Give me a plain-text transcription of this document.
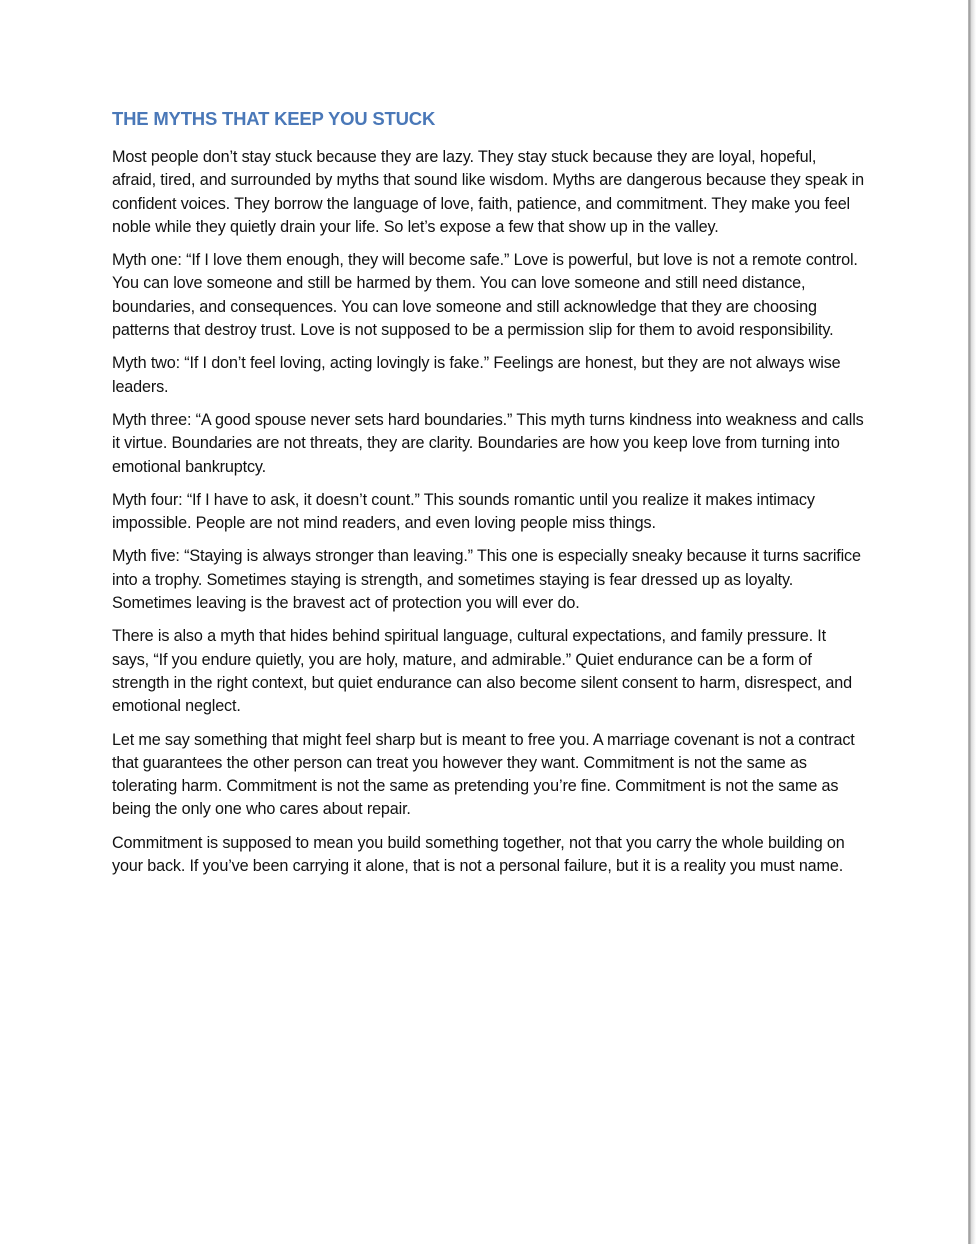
THE MYTHS THAT KEEP YOU STUCK

Most people don’t stay stuck because they are lazy. They stay stuck because they are loyal, hopeful, afraid, tired, and surrounded by myths that sound like wisdom. Myths are dangerous because they speak in confident voices. They borrow the language of love, faith, patience, and commitment. They make you feel noble while they quietly drain your life. So let’s expose a few that show up in the valley.

Myth one: “If I love them enough, they will become safe.” Love is powerful, but love is not a remote control. You can love someone and still be harmed by them. You can love someone and still need distance, boundaries, and consequences. You can love someone and still acknowledge that they are choosing patterns that destroy trust. Love is not supposed to be a permission slip for them to avoid responsibility.

Myth two: “If I don’t feel loving, acting lovingly is fake.” Feelings are honest, but they are not always wise leaders.

Myth three: “A good spouse never sets hard boundaries.” This myth turns kindness into weakness and calls it virtue. Boundaries are not threats, they are clarity. Boundaries are how you keep love from turning into emotional bankruptcy.

Myth four: “If I have to ask, it doesn’t count.” This sounds romantic until you realize it makes intimacy impossible. People are not mind readers, and even loving people miss things.

Myth five: “Staying is always stronger than leaving.” This one is especially sneaky because it turns sacrifice into a trophy. Sometimes staying is strength, and sometimes staying is fear dressed up as loyalty. Sometimes leaving is the bravest act of protection you will ever do.

There is also a myth that hides behind spiritual language, cultural expectations, and family pressure. It says, “If you endure quietly, you are holy, mature, and admirable.” Quiet endurance can be a form of strength in the right context, but quiet endurance can also become silent consent to harm, disrespect, and emotional neglect.

Let me say something that might feel sharp but is meant to free you. A marriage covenant is not a contract that guarantees the other person can treat you however they want. Commitment is not the same as tolerating harm. Commitment is not the same as pretending you’re fine. Commitment is not the same as being the only one who cares about repair.

Commitment is supposed to mean you build something together, not that you carry the whole building on your back. If you’ve been carrying it alone, that is not a personal failure, but it is a reality you must name.
